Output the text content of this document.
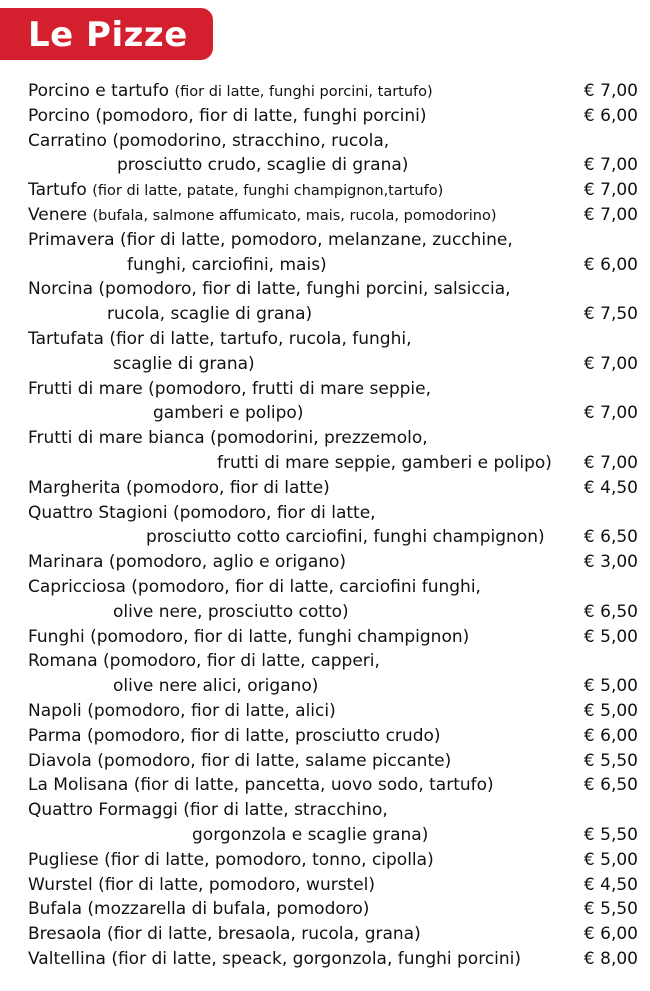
Le Pizze
Porcino e tartufo (fior di latte, funghi porcini, tartufo)	€ 7,00
Porcino (pomodoro, fior di latte, funghi porcini)	€ 6,00
Carratino (pomodorino, stracchino, rucola,
prosciutto crudo, scaglie di grana)	€ 7,00
Tartufo (fior di latte, patate, funghi champignon,tartufo)	€ 7,00
Venere (bufala, salmone affumicato, mais, rucola, pomodorino)	€ 7,00
Primavera (fior di latte, pomodoro, melanzane, zucchine,
funghi, carciofini, mais)	€ 6,00
Norcina (pomodoro, fior di latte, funghi porcini, salsiccia,
rucola, scaglie di grana)	€ 7,50
Tartufata (fior di latte, tartufo, rucola, funghi,
scaglie di grana)	€ 7,00
Frutti di mare (pomodoro, frutti di mare seppie,
gamberi e polipo)	€ 7,00
Frutti di mare bianca (pomodorini, prezzemolo,
frutti di mare seppie, gamberi e polipo) € 7,00
Margherita (pomodoro, fior di latte)	€ 4,50
Quattro Stagioni (pomodoro, fior di latte,
prosciutto cotto carciofini, funghi champignon) € 6,50
Marinara (pomodoro, aglio e origano)	€ 3,00
Capricciosa (pomodoro, fior di latte, carciofini funghi,
olive nere, prosciutto cotto)	€ 6,50
Funghi (pomodoro, fior di latte, funghi champignon)	€ 5,00
Romana (pomodoro, fior di latte, capperi,
olive nere alici, origano)	€ 5,00
Napoli (pomodoro, fior di latte, alici)	€ 5,00
Parma (pomodoro, fior di latte, prosciutto crudo)	€ 6,00
Diavola (pomodoro, fior di latte, salame piccante)	€ 5,50
La Molisana (fior di latte, pancetta, uovo sodo, tartufo)	€ 6,50
Quattro Formaggi (fior di latte, stracchino,
gorgonzola e scaglie grana)	€ 5,50
Pugliese (fior di latte, pomodoro, tonno, cipolla)	€ 5,00
Wurstel (fior di latte, pomodoro, wurstel)	€ 4,50
Bufala (mozzarella di bufala, pomodoro)	€ 5,50
Bresaola (fior di latte, bresaola, rucola, grana)	€ 6,00
Valtellina (fior di latte, speack, gorgonzola, funghi porcini)	€ 8,00
